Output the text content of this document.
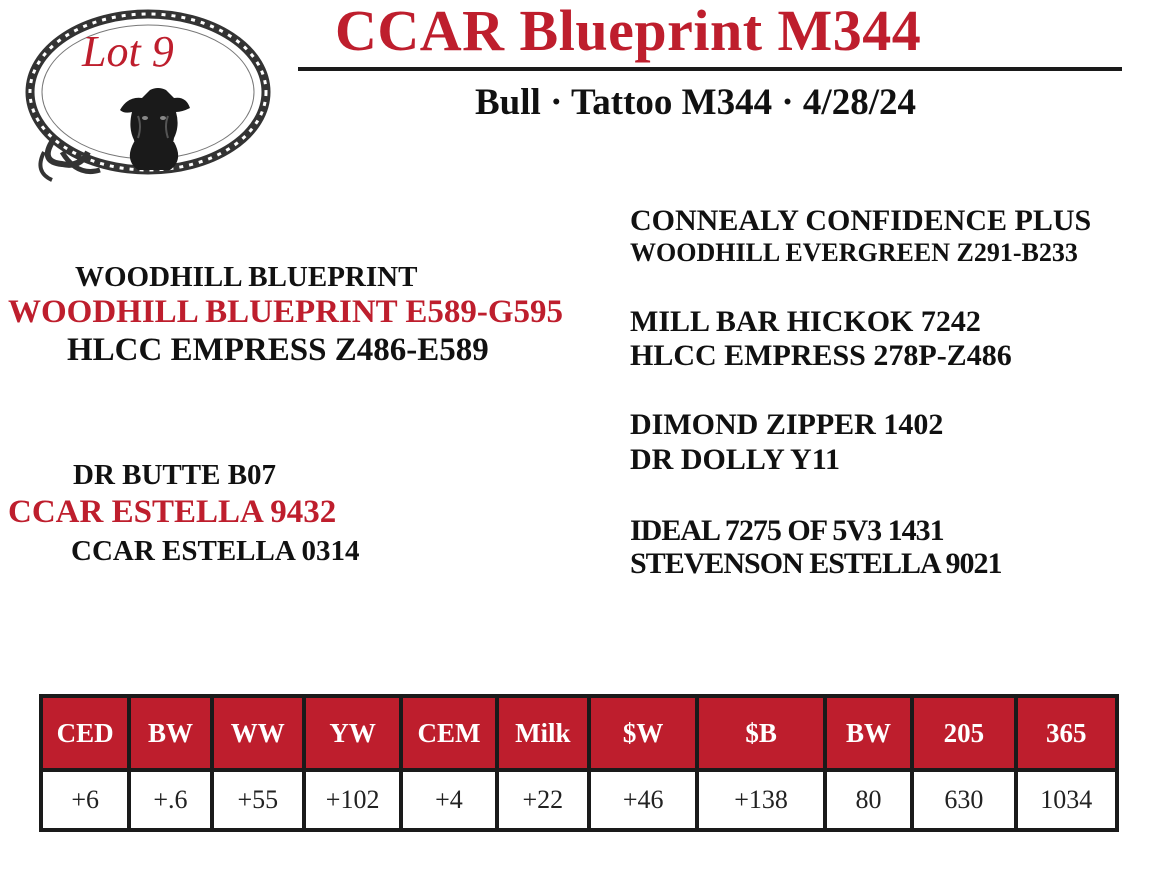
Lot 9	CCAR Blueprint M344
Bull · Tattoo M344 · 4/28/24
WOODHILL BLUEPRINT
WOODHILL BLUEPRINT E589-G595
HLCC EMPRESS Z486-E589
DR BUTTE B07
CCAR ESTELLA 9432
CCAR ESTELLA 0314
CONNEALY CONFIDENCE PLUS
WOODHILL EVERGREEN Z291-B233
MILL BAR HICKOK 7242
HLCC EMPRESS 278P-Z486
DIMOND ZIPPER 1402
DR DOLLY Y11
IDEAL 7275 OF 5V3 1431
STEVENSON ESTELLA 9021
CED	BW	WW	YW	CEM	Milk	$W	$B	BW	205	365
+6	+.6	+55	+102	+4	+22	+46	+138	80	630	1034
